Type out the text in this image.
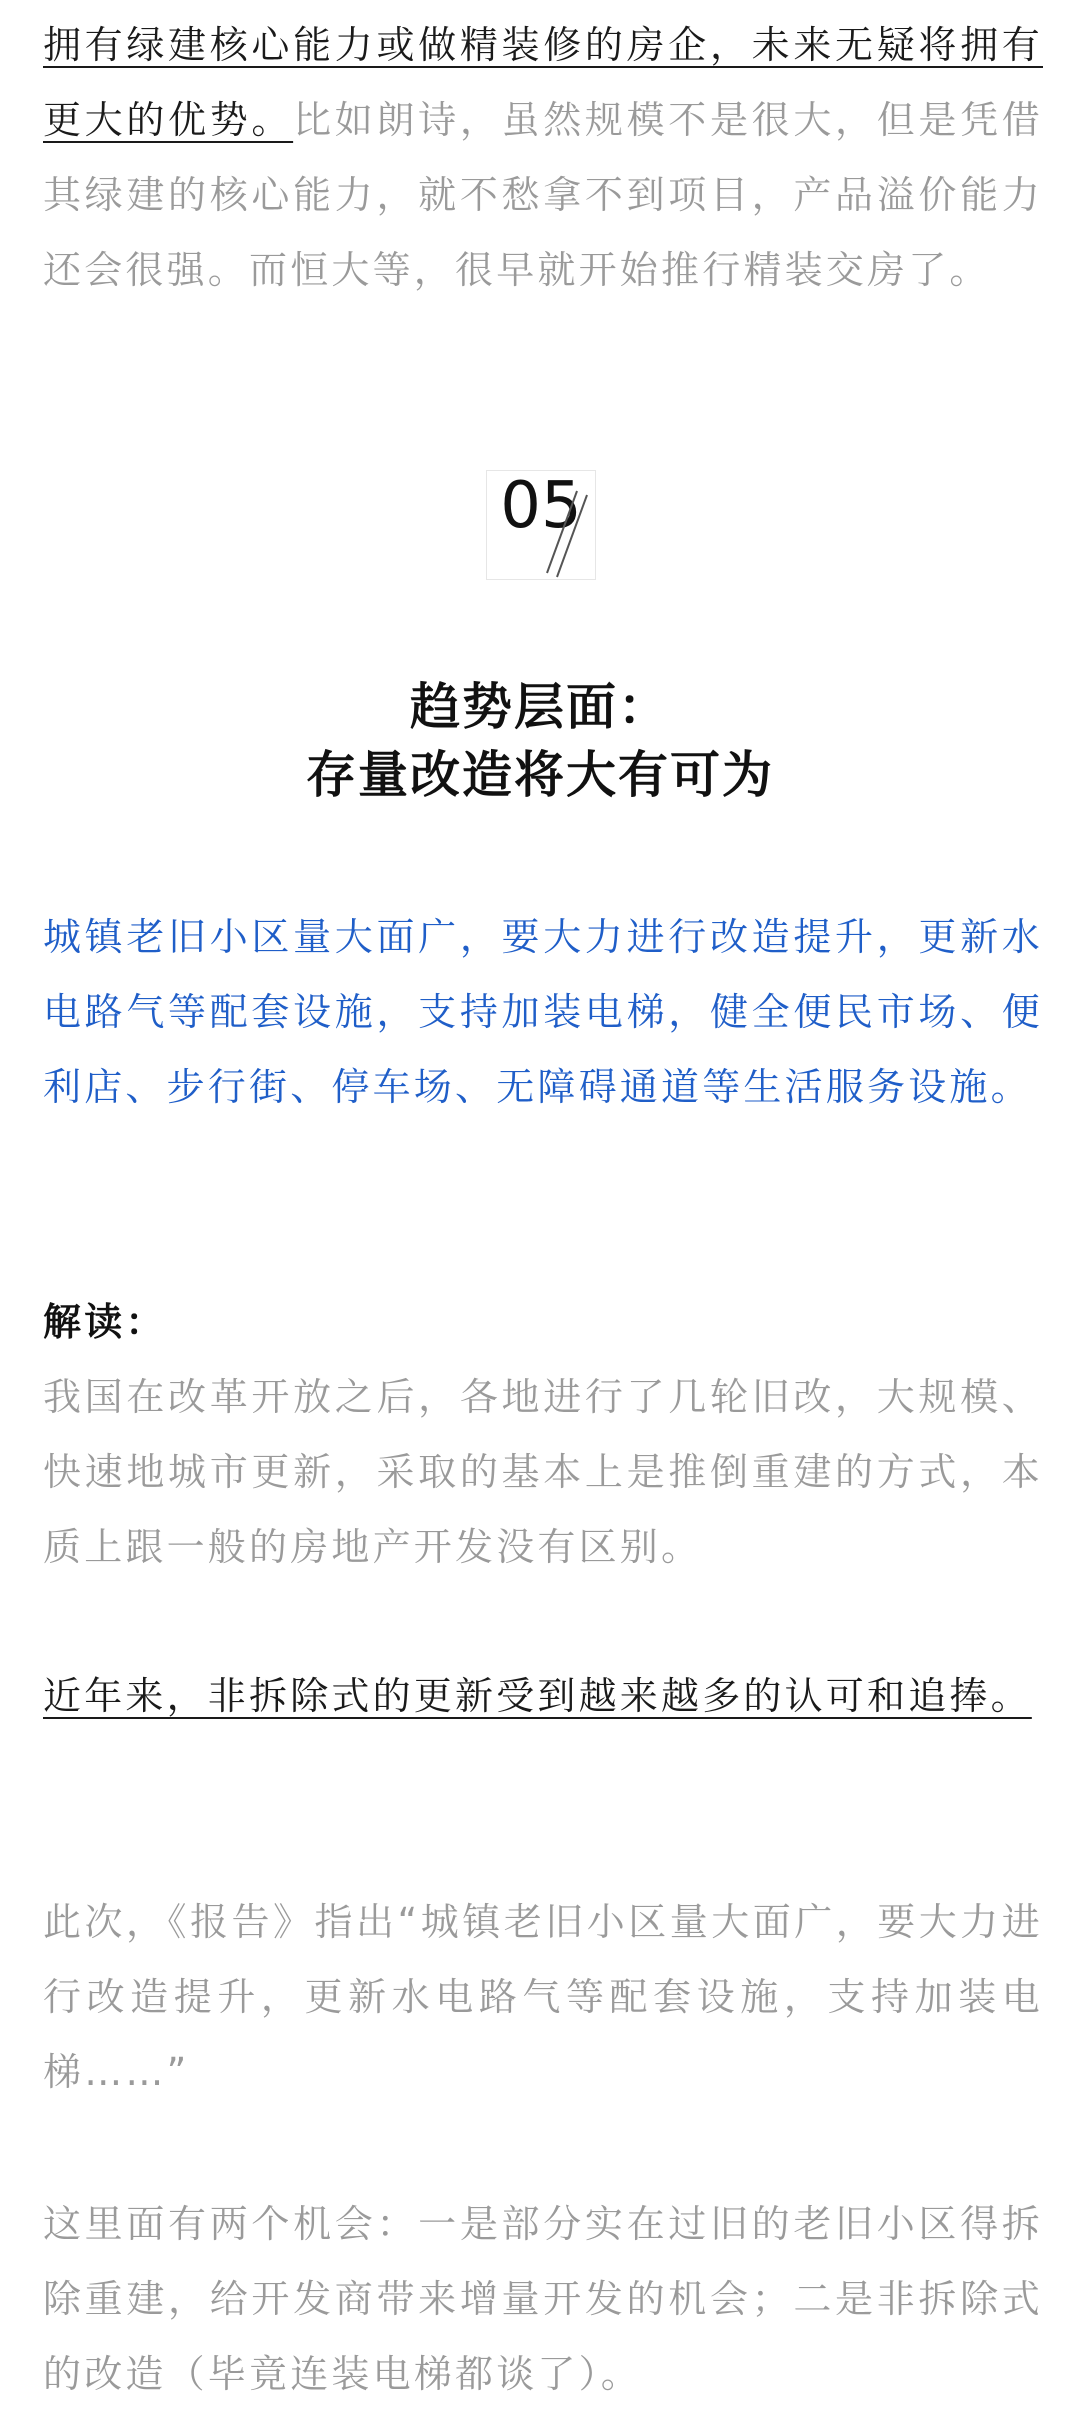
拥有绿建核心能力或做精装修的房企，未来无疑将拥有更大的优势。比如朗诗，虽然规模不是很大，但是凭借其绿建的核心能力，就不愁拿不到项目，产品溢价能力还会很强。而恒大等，很早就开始推行精装交房了。

05
趋势层面：
存量改造将大有可为

城镇老旧小区量大面广，要大力进行改造提升，更新水电路气等配套设施，支持加装电梯，健全便民市场、便利店、步行街、停车场、无障碍通道等生活服务设施。

解读：

我国在改革开放之后，各地进行了几轮旧改，大规模、快速地城市更新，采取的基本上是推倒重建的方式，本质上跟一般的房地产开发没有区别。

近年来，非拆除式的更新受到越来越多的认可和追捧。

此次，《报告》指出“城镇老旧小区量大面广，要大力进行改造提升，更新水电路气等配套设施，支持加装电梯……”

这里面有两个机会：一是部分实在过旧的老旧小区得拆除重建，给开发商带来增量开发的机会；二是非拆除式的改造（毕竟连装电梯都谈了）。
